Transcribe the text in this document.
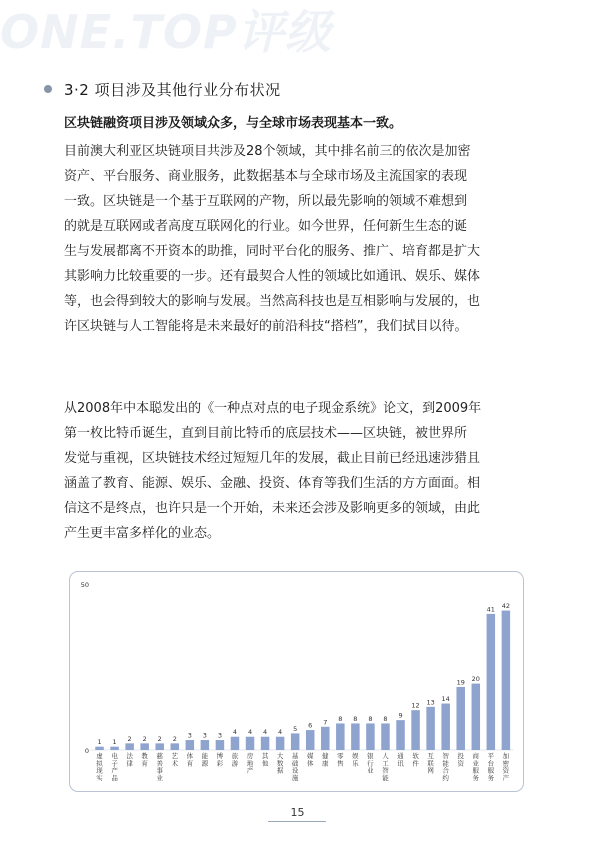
ONE.TOP评级
3·2 项目涉及其他行业分布状况
区块链融资项目涉及领域众多，与全球市场表现基本一致。
目前澳大利亚区块链项目共涉及28个领域，其中排名前三的依次是加密
资产、平台服务、商业服务，此数据基本与全球市场及主流国家的表现
一致。区块链是一个基于互联网的产物，所以最先影响的领域不难想到
的就是互联网或者高度互联网化的行业。如今世界，任何新生生态的诞
生与发展都离不开资本的助推，同时平台化的服务、推广、培育都是扩大
其影响力比较重要的一步。还有最契合人性的领域比如通讯、娱乐、媒体
等，也会得到较大的影响与发展。当然高科技也是互相影响与发展的，也
许区块链与人工智能将是未来最好的前沿科技“搭档”，我们拭目以待。
从2008年中本聪发出的《一种点对点的电子现金系统》论文，到2009年
第一枚比特币诞生，直到目前比特币的底层技术——区块链，被世界所
发觉与重视，区块链技术经过短短几年的发展，截止目前已经迅速涉猎且
涵盖了教育、能源、娱乐、金融、投资、体育等我们生活的方方面面。相
信这不是终点，也许只是一个开始，未来还会涉及影响更多的领域，由此
产生更丰富多样化的业态。
0
50
1
虚拟现实
1
电子产品
2
法律
2
教育
2
慈善事业
2
艺术
3
体育
3
能源
3
博彩
4
旅游
4
房地产
4
其他
4
大数据
5
基础设施
6
媒体
7
健康
8
零售
8
娱乐
8
银行业
8
人工智能
9
通讯
12
软件
13
互联网
14
智能合约
19
投资
20
商业服务
41
平台服务
42
加密资产
15
